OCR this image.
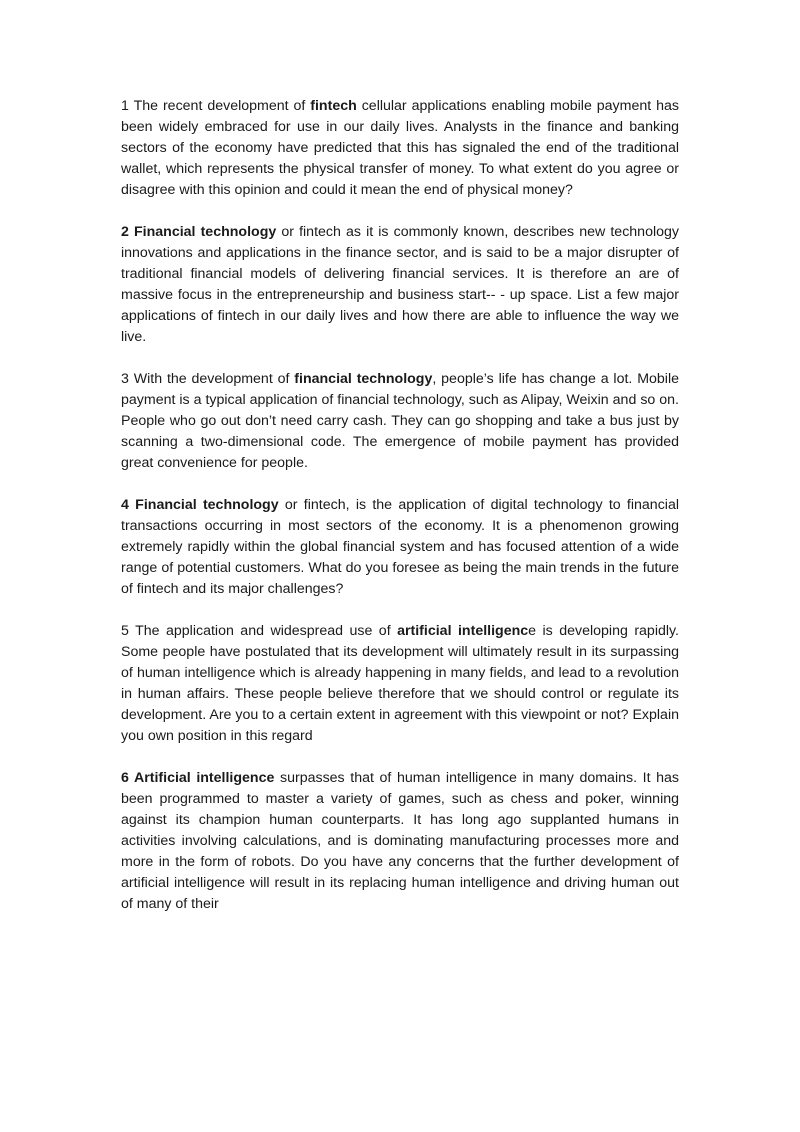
1 The recent development of fintech cellular applications enabling mobile payment has been widely embraced for use in our daily lives. Analysts in the finance and banking sectors of the economy have predicted that this has signaled the end of the traditional wallet, which represents the physical transfer of money. To what extent do you agree or disagree with this opinion and could it mean the end of physical money?

2 Financial technology or fintech as it is commonly known, describes new technology innovations and applications in the finance sector, and is said to be a major disrupter of traditional financial models of delivering financial services. It is therefore an are of massive focus in the entrepreneurship and business start-- - up space. List a few major applications of fintech in our daily lives and how there are able to influence the way we live.

3 With the development of financial technology, people’s life has change a lot. Mobile payment is a typical application of financial technology, such as Alipay, Weixin and so on. People who go out don’t need carry cash. They can go shopping and take a bus just by scanning a two-dimensional code. The emergence of mobile payment has provided great convenience for people.

4 Financial technology or fintech, is the application of digital technology to financial transactions occurring in most sectors of the economy. It is a phenomenon growing extremely rapidly within the global financial system and has focused attention of a wide range of potential customers. What do you foresee as being the main trends in the future of fintech and its major challenges?

5 The application and widespread use of artificial intelligence is developing rapidly. Some people have postulated that its development will ultimately result in its surpassing of human intelligence which is already happening in many fields, and lead to a revolution in human affairs. These people believe therefore that we should control or regulate its development. Are you to a certain extent in agreement with this viewpoint or not? Explain you own position in this regard

6 Artificial intelligence surpasses that of human intelligence in many domains. It has been programmed to master a variety of games, such as chess and poker, winning against its champion human counterparts. It has long ago supplanted humans in activities involving calculations, and is dominating manufacturing processes more and more in the form of robots. Do you have any concerns that the further development of artificial intelligence will result in its replacing human intelligence and driving human out of many of their
